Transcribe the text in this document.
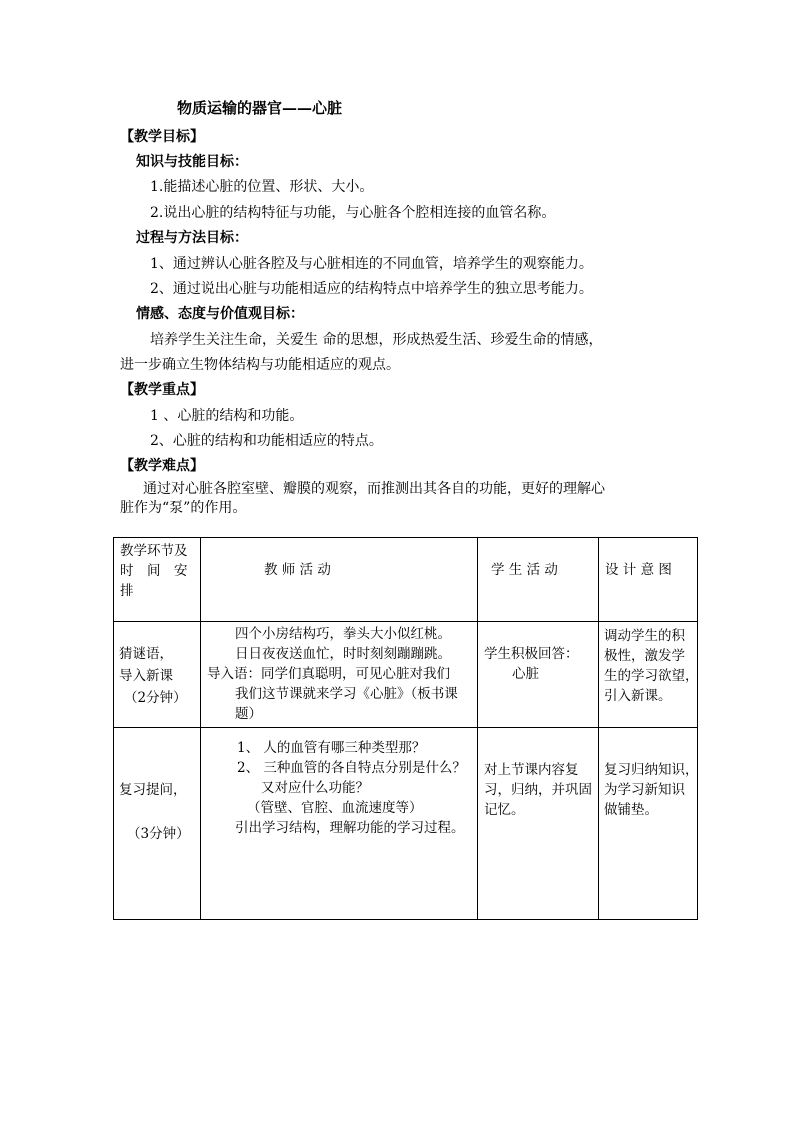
物质运输的器官——心脏
【教学目标】
知识与技能目标：
1.能描述心脏的位置、形状、大小。
2.说出心脏的结构特征与功能，与心脏各个腔相连接的血管名称。
过程与方法目标：
1、通过辨认心脏各腔及与心脏相连的不同血管，培养学生的观察能力。
2、通过说出心脏与功能相适应的结构特点中培养学生的独立思考能力。
情感、态度与价值观目标：
培养学生关注生命，关爱生 命的思想，形成热爱生活、珍爱生命的情感，
进一步确立生物体结构与功能相适应的观点。
【教学重点】
1 、心脏的结构和功能。
2、心脏的结构和功能相适应的特点。
【教学难点】
通过对心脏各腔室壁、瓣膜的观察，而推测出其各自的功能，更好的理解心
脏作为“泵”的作用。
教学环节及
时　间　安
排	教 师 活 动	学 生 活 动	设 计 意 图

猜谜语，
导入新课
（2分钟）	四个小房结构巧，拳头大小似红桃。
日日夜夜送血忙，时时刻刻蹦蹦跳。
导入语：同学们真聪明，可见心脏对我们
我们这节课就来学习《心脏》（板书课
题）	学生积极回答：
心脏	调动学生的积
极性，激发学
生的学习欲望，
引入新课。

复习提问，
（3分钟）	1、 人的血管有哪三种类型那？
2、 三种血管的各自特点分别是什么？
又对应什么功能？
（管壁、官腔、血流速度等）
引出学习结构，理解功能的学习过程。	对上节课内容复
习，归纳，并巩固
记忆。	复习归纳知识，
为学习新知识
做铺垫。
